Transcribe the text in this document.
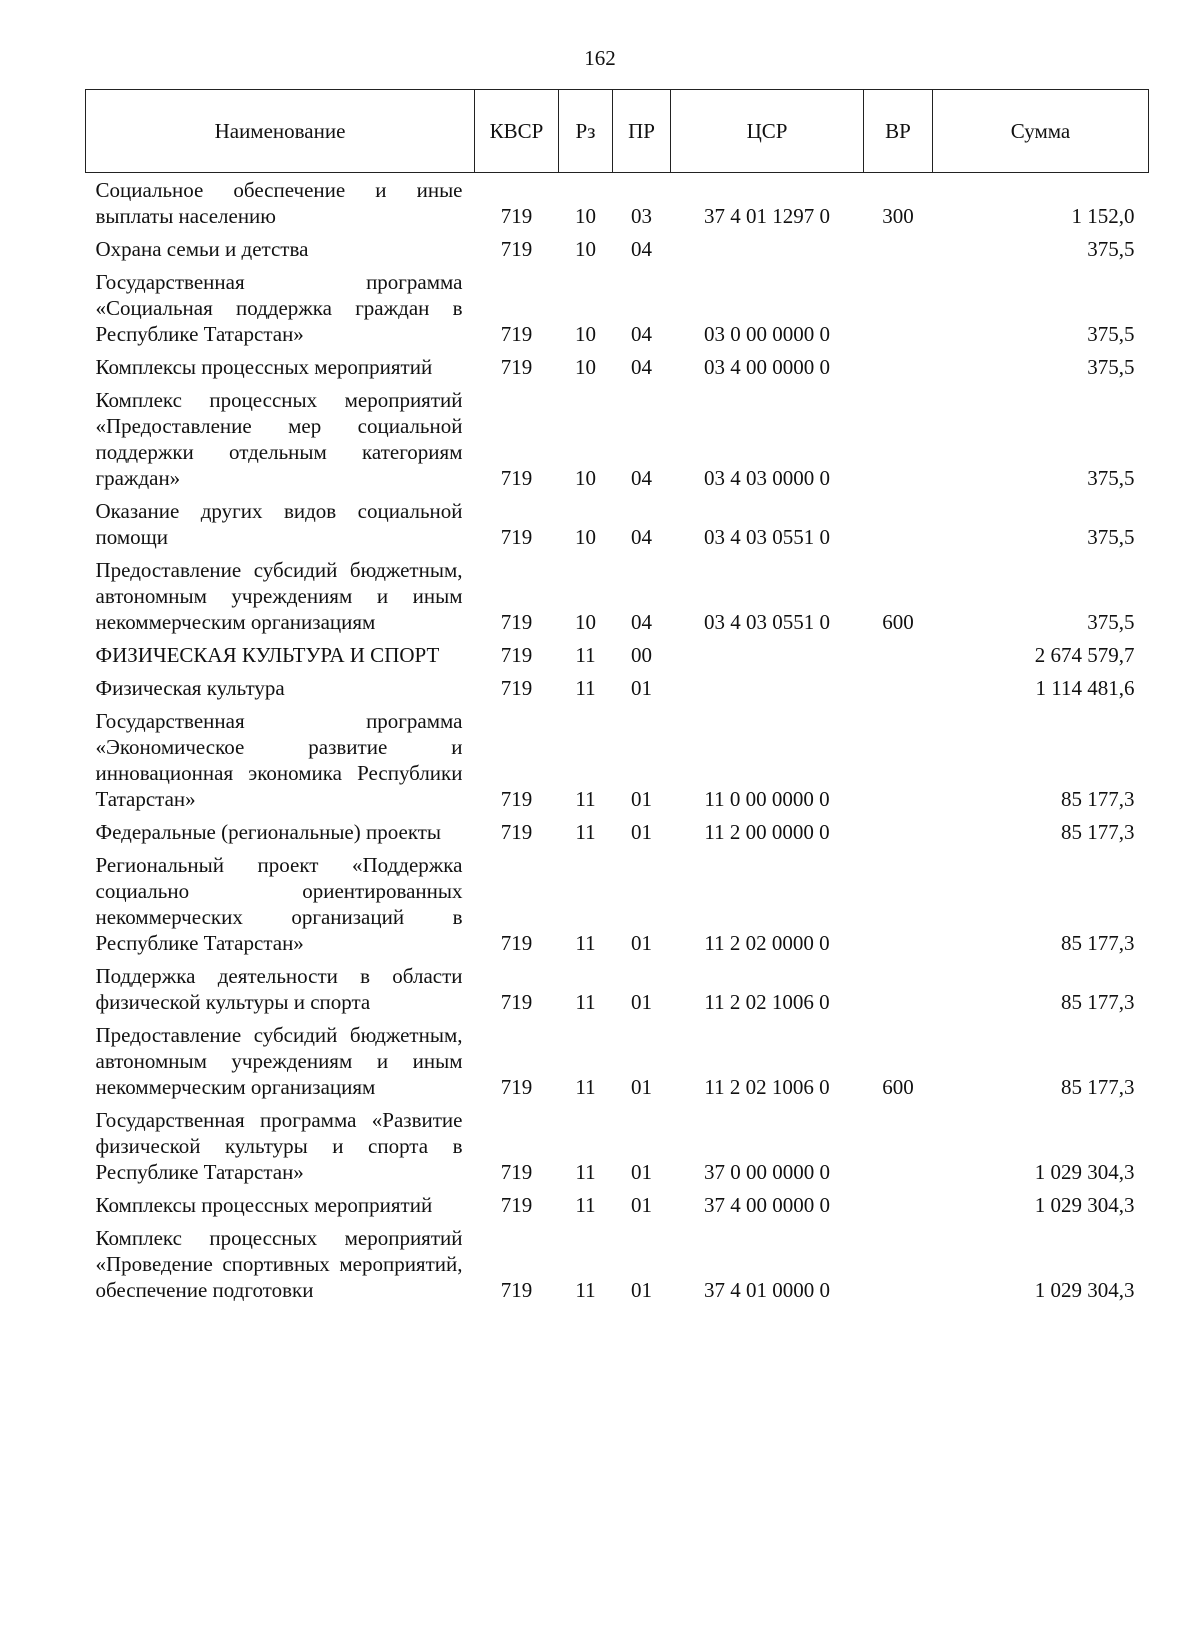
162
Наименование	КВСР	Рз	ПР	ЦСР	ВР	Сумма
Социальное обеспечение и иные выплаты населению	719	10	03	37 4 01 1297 0	300	1 152,0
Охрана семьи и детства	719	10	04			375,5
Государственная программа «Социальная поддержка граждан в Республике Татарстан»	719	10	04	03 0 00 0000 0		375,5
Комплексы процессных мероприятий	719	10	04	03 4 00 0000 0		375,5
Комплекс процессных мероприятий «Предоставление мер социальной поддержки отдельным категориям граждан»	719	10	04	03 4 03 0000 0		375,5
Оказание других видов социальной помощи	719	10	04	03 4 03 0551 0		375,5
Предоставление субсидий бюджетным, автономным учреждениям и иным некоммерческим организациям	719	10	04	03 4 03 0551 0	600	375,5
ФИЗИЧЕСКАЯ КУЛЬТУРА И СПОРТ	719	11	00			2 674 579,7
Физическая культура	719	11	01			1 114 481,6
Государственная программа «Экономическое развитие и инновационная экономика Республики Татарстан»	719	11	01	11 0 00 0000 0		85 177,3
Федеральные (региональные) проекты	719	11	01	11 2 00 0000 0		85 177,3
Региональный проект «Поддержка социально ориентированных некоммерческих организаций в Республике Татарстан»	719	11	01	11 2 02 0000 0		85 177,3
Поддержка деятельности в области физической культуры и спорта	719	11	01	11 2 02 1006 0		85 177,3
Предоставление субсидий бюджетным, автономным учреждениям и иным некоммерческим организациям	719	11	01	11 2 02 1006 0	600	85 177,3
Государственная программа «Развитие физической культуры и спорта в Республике Татарстан»	719	11	01	37 0 00 0000 0		1 029 304,3
Комплексы процессных мероприятий	719	11	01	37 4 00 0000 0		1 029 304,3
Комплекс процессных мероприятий «Проведение спортивных мероприятий, обеспечение подготовки	719	11	01	37 4 01 0000 0		1 029 304,3
